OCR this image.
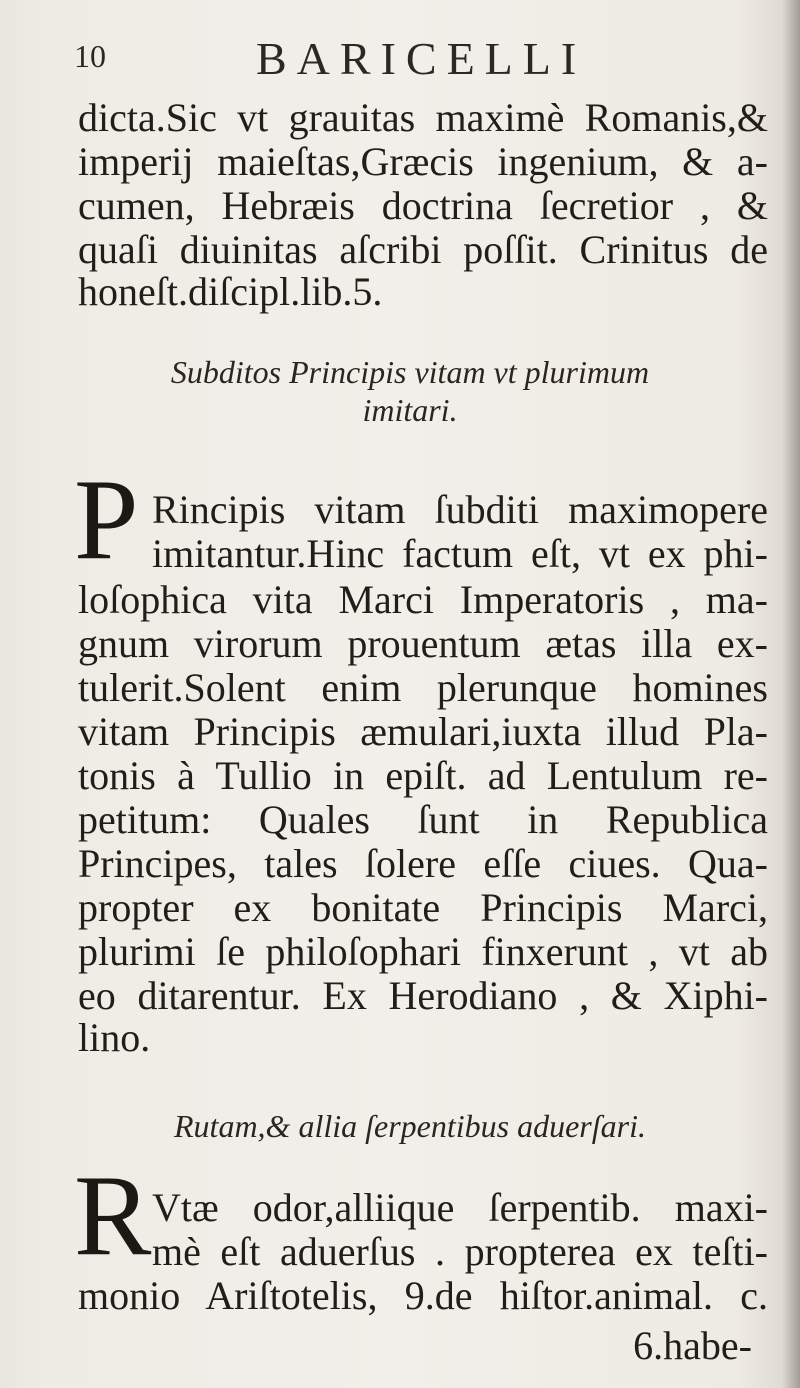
10	BARICELLI
dicta.Sic vt grauitas maximè Romanis,&
imperij maieſtas,Græcis ingenium, & a-
cumen, Hebræis doctrina ſecretior , &
quaſi diuinitas aſcribi poſſit. Crinitus de
honeſt.diſcipl.lib.5.
Subditos Principis vitam vt plurimum
imitari.
P Rincipis vitam ſubditi maximopere
imitantur.Hinc factum eſt, vt ex phi-
loſophica vita Marci Imperatoris , ma-
gnum virorum prouentum ætas illa ex-
tulerit.Solent enim plerunque homines
vitam Principis æmulari,iuxta illud Pla-
tonis à Tullio in epiſt. ad Lentulum re-
petitum: Quales ſunt in Republica
Principes, tales ſolere eſſe ciues. Qua-
propter ex bonitate Principis Marci,
plurimi ſe philoſophari finxerunt , vt ab
eo ditarentur. Ex Herodiano , & Xiphi-
lino.
Rutam,& allia ſerpentibus aduerſari.
R Vtæ odor,alliique ſerpentib. maxi-
mè eſt aduerſus . propterea ex teſti-
monio Ariſtotelis, 9.de hiſtor.animal. c.
6.habe-
